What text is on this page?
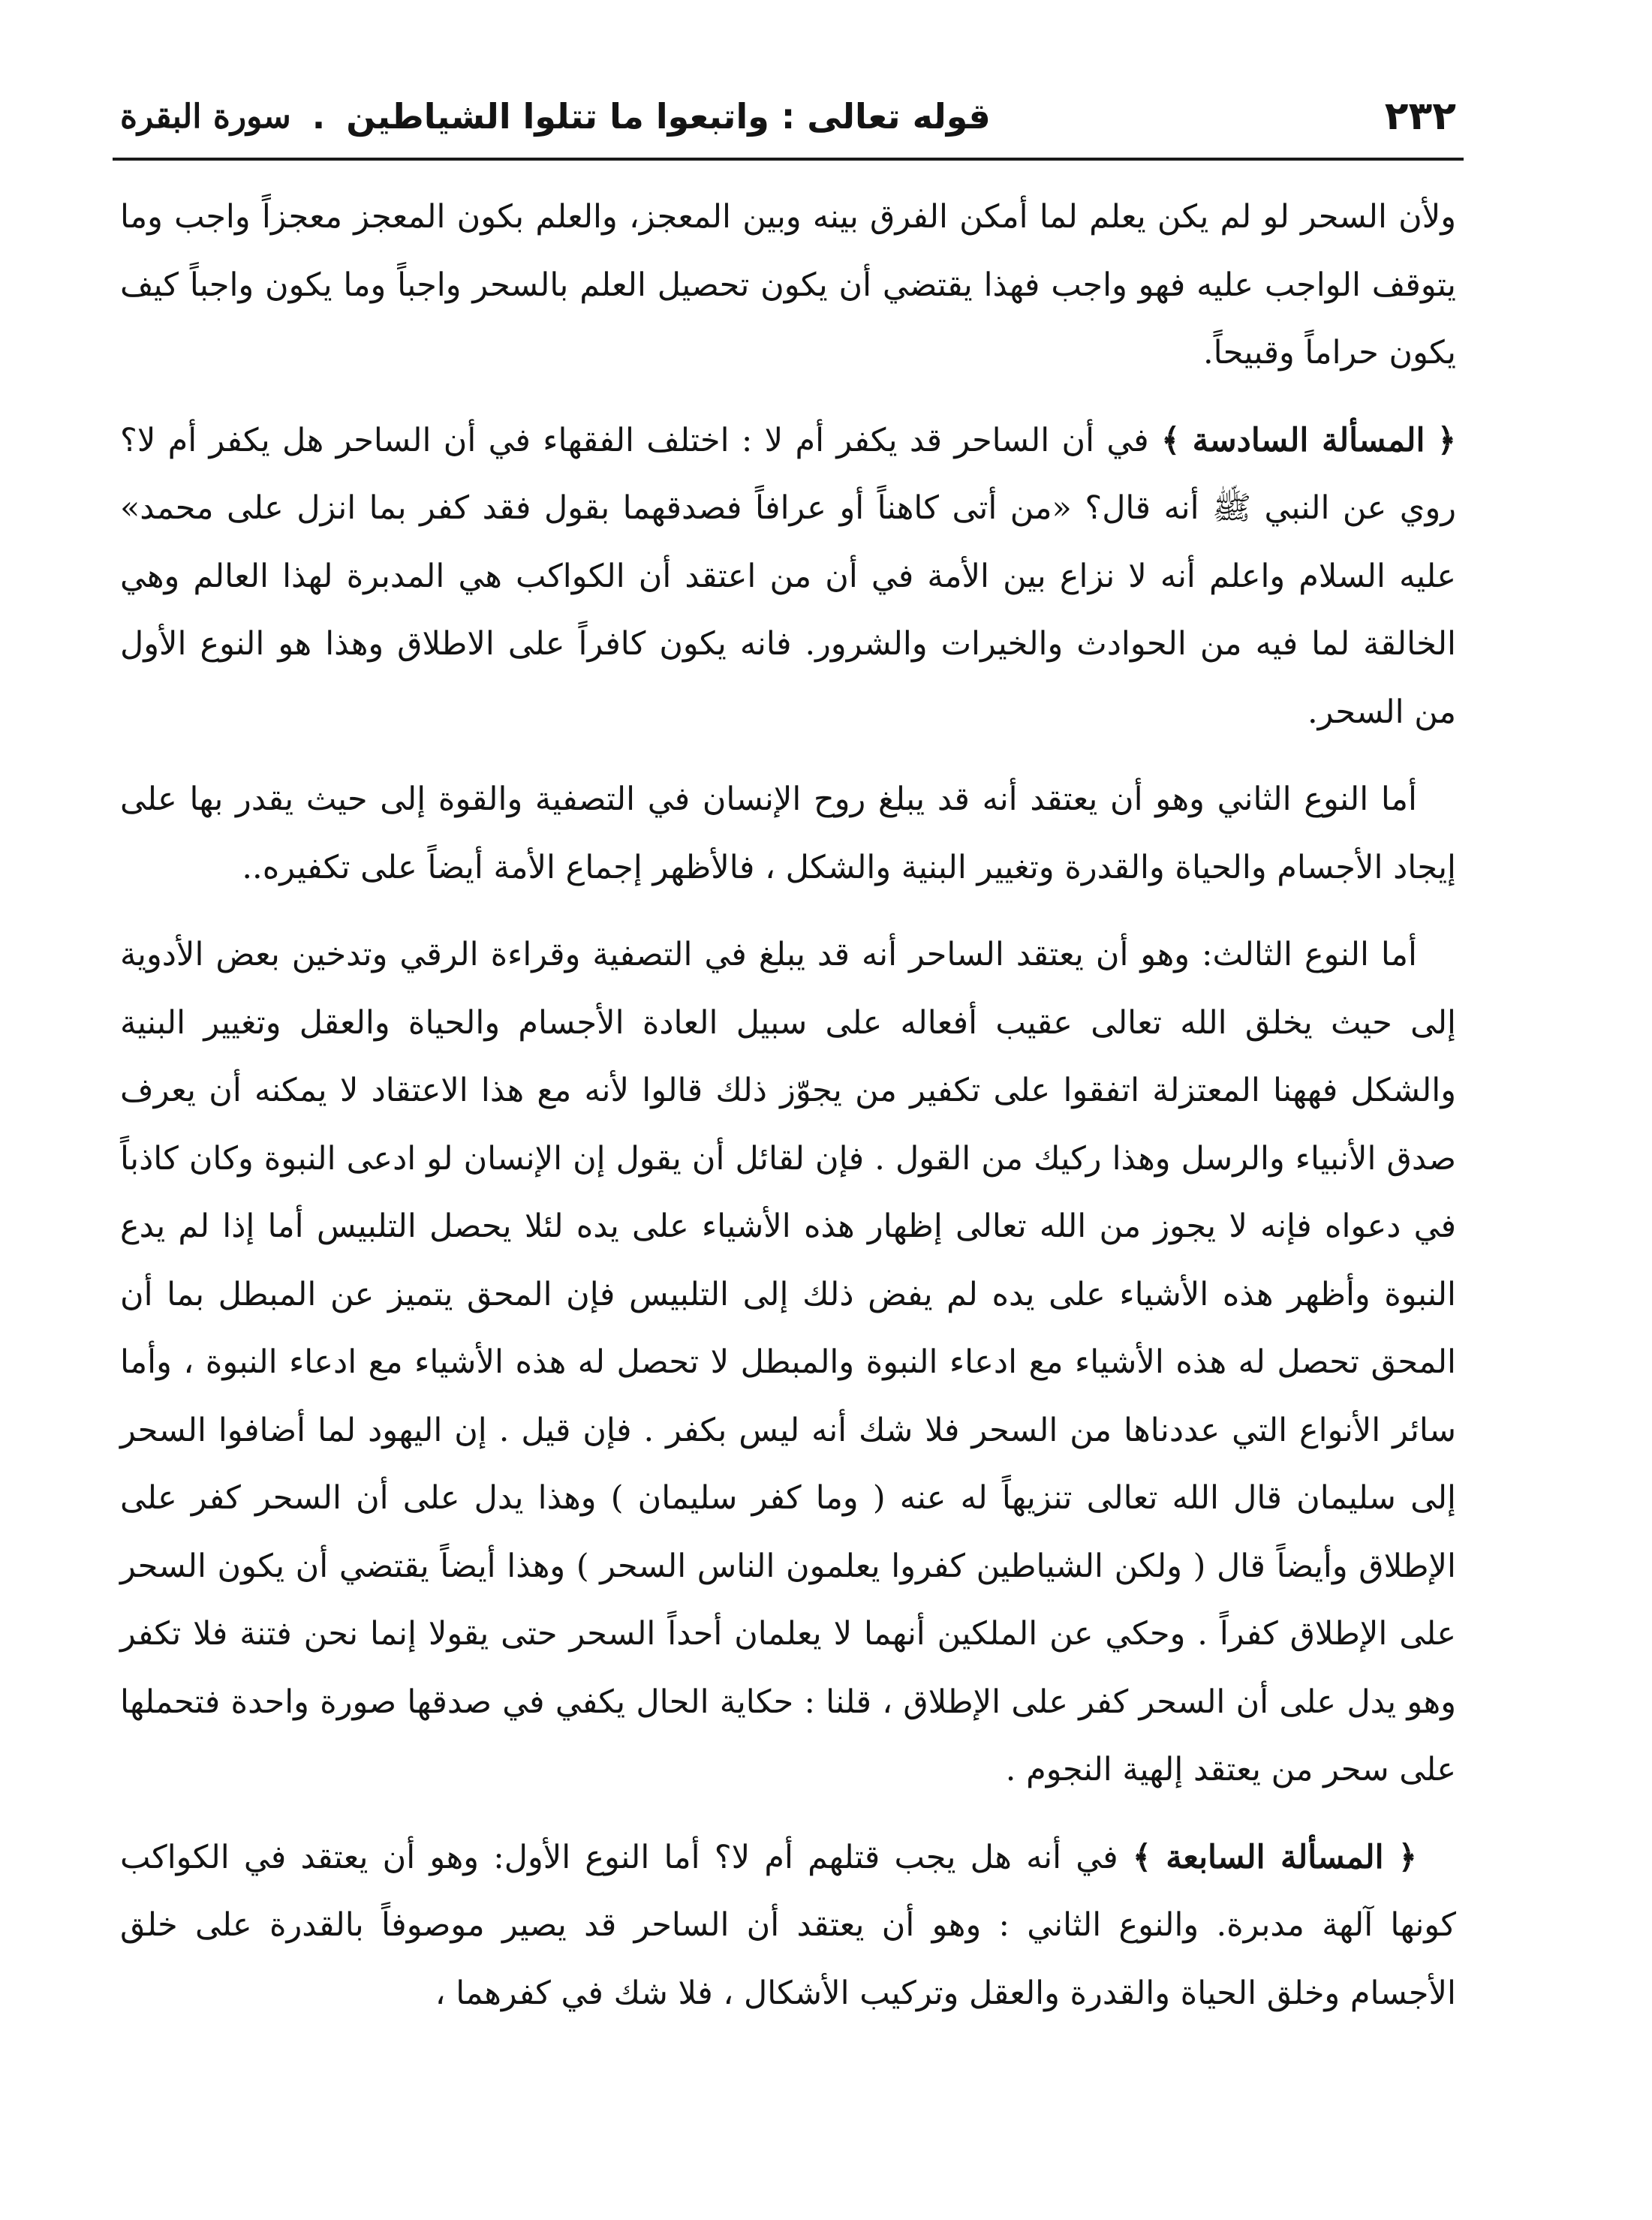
٢٣٢
قوله تعالى : واتبعوا ما تتلوا الشياطين
.
سورة البقرة

ولأن السحر لو لم يكن يعلم لما أمكن الفرق بينه وبين المعجز، والعلم بكون المعجز معجزاً واجب وما يتوقف الواجب عليه فهو واجب فهذا يقتضي أن يكون تحصيل العلم بالسحر واجباً وما يكون واجباً كيف يكون حراماً وقبيحاً.

﴿ المسألة السادسة ﴾ في أن الساحر قد يكفر أم لا : اختلف الفقهاء في أن الساحر هل يكفر أم لا؟ روي عن النبي ﷺ أنه قال؟ «من أتى كاهناً أو عرافاً فصدقهما بقول فقد كفر بما انزل على محمد» عليه السلام واعلم أنه لا نزاع بين الأمة في أن من اعتقد أن الكواكب هي المدبرة لهذا العالم وهي الخالقة لما فيه من الحوادث والخيرات والشرور. فانه يكون كافراً على الاطلاق وهذا هو النوع الأول من السحر.

أما النوع الثاني وهو أن يعتقد أنه قد يبلغ روح الإنسان في التصفية والقوة إلى حيث يقدر بها على إيجاد الأجسام والحياة والقدرة وتغيير البنية والشكل ، فالأظهر إجماع الأمة أيضاً على تكفيره..

أما النوع الثالث: وهو أن يعتقد الساحر أنه قد يبلغ في التصفية وقراءة الرقي وتدخين بعض الأدوية إلى حيث يخلق الله تعالى عقيب أفعاله على سبيل العادة الأجسام والحياة والعقل وتغيير البنية والشكل فههنا المعتزلة اتفقوا على تكفير من يجوّز ذلك قالوا لأنه مع هذا الاعتقاد لا يمكنه أن يعرف صدق الأنبياء والرسل وهذا ركيك من القول . فإن لقائل أن يقول إن الإنسان لو ادعى النبوة وكان كاذباً في دعواه فإنه لا يجوز من الله تعالى إظهار هذه الأشياء على يده لئلا يحصل التلبيس أما إذا لم يدع النبوة وأظهر هذه الأشياء على يده لم يفض ذلك إلى التلبيس فإن المحق يتميز عن المبطل بما أن المحق تحصل له هذه الأشياء مع ادعاء النبوة والمبطل لا تحصل له هذه الأشياء مع ادعاء النبوة ، وأما سائر الأنواع التي عددناها من السحر فلا شك أنه ليس بكفر . فإن قيل . إن اليهود لما أضافوا السحر إلى سليمان قال الله تعالى تنزيهاً له عنه ( وما كفر سليمان ) وهذا يدل على أن السحر كفر على الإطلاق وأيضاً قال ( ولكن الشياطين كفروا يعلمون الناس السحر ) وهذا أيضاً يقتضي أن يكون السحر على الإطلاق كفراً . وحكي عن الملكين أنهما لا يعلمان أحداً السحر حتى يقولا إنما نحن فتنة فلا تكفر وهو يدل على أن السحر كفر على الإطلاق ، قلنا : حكاية الحال يكفي في صدقها صورة واحدة فتحملها على سحر من يعتقد إلهية النجوم .

﴿ المسألة السابعة ﴾ في أنه هل يجب قتلهم أم لا؟ أما النوع الأول: وهو أن يعتقد في الكواكب كونها آلهة مدبرة. والنوع الثاني : وهو أن يعتقد أن الساحر قد يصير موصوفاً بالقدرة على خلق الأجسام وخلق الحياة والقدرة والعقل وتركيب الأشكال ، فلا شك في كفرهما ،
